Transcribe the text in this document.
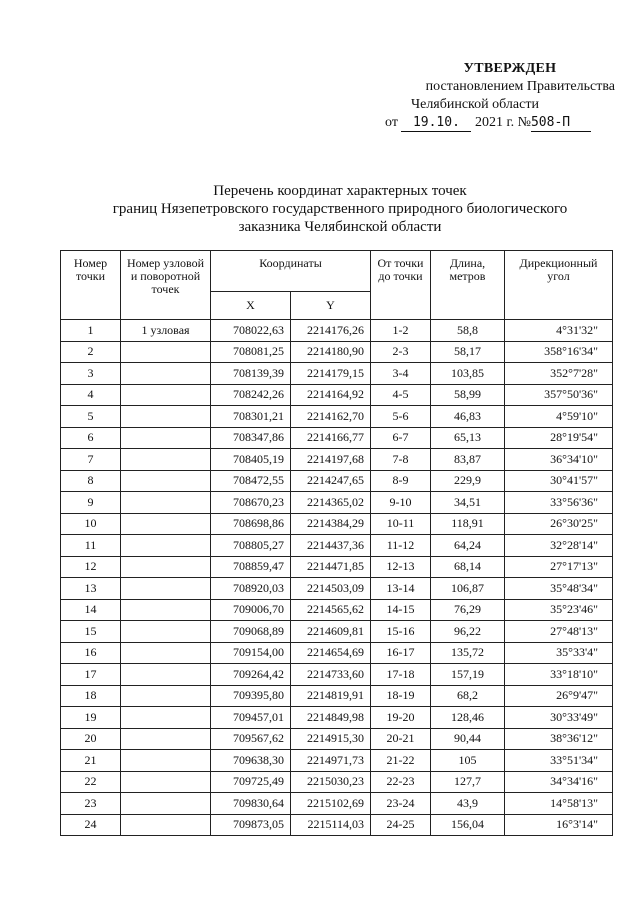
УТВЕРЖДЕН
постановлением Правительства
Челябинской области
от 19.10. 2021 г. №508-П
Перечень координат характерных точек
границ Нязепетровского государственного природного биологического
заказника Челябинской области
Номер точки	Номер узловой и поворотной точек	Координаты		От точки до точки	Длина, метров	Дирекционный угол
		X	Y			
1	1 узловая	708022,63	2214176,26	1-2	58,8	4°31'32"
2		708081,25	2214180,90	2-3	58,17	358°16'34"
3		708139,39	2214179,15	3-4	103,85	352°7'28"
4		708242,26	2214164,92	4-5	58,99	357°50'36"
5		708301,21	2214162,70	5-6	46,83	4°59'10"
6		708347,86	2214166,77	6-7	65,13	28°19'54"
7		708405,19	2214197,68	7-8	83,87	36°34'10"
8		708472,55	2214247,65	8-9	229,9	30°41'57"
9		708670,23	2214365,02	9-10	34,51	33°56'36"
10		708698,86	2214384,29	10-11	118,91	26°30'25"
11		708805,27	2214437,36	11-12	64,24	32°28'14"
12		708859,47	2214471,85	12-13	68,14	27°17'13"
13		708920,03	2214503,09	13-14	106,87	35°48'34"
14		709006,70	2214565,62	14-15	76,29	35°23'46"
15		709068,89	2214609,81	15-16	96,22	27°48'13"
16		709154,00	2214654,69	16-17	135,72	35°33'4"
17		709264,42	2214733,60	17-18	157,19	33°18'10"
18		709395,80	2214819,91	18-19	68,2	26°9'47"
19		709457,01	2214849,98	19-20	128,46	30°33'49"
20		709567,62	2214915,30	20-21	90,44	38°36'12"
21		709638,30	2214971,73	21-22	105	33°51'34"
22		709725,49	2215030,23	22-23	127,7	34°34'16"
23		709830,64	2215102,69	23-24	43,9	14°58'13"
24		709873,05	2215114,03	24-25	156,04	16°3'14"
